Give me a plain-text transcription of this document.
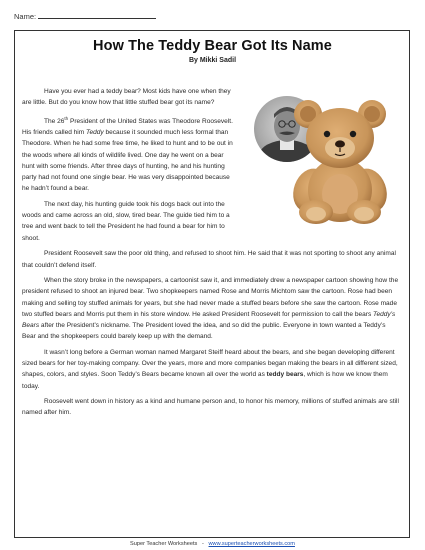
Name:
How The Teddy Bear Got Its Name
By Mikki Sadil

Have you ever had a teddy bear? Most kids have one when they are little. But do you know how that little stuffed bear got its name?

The 26th President of the United States was Theodore Roosevelt. His friends called him Teddy because it sounded much less formal than Theodore. When he had some free time, he liked to hunt and to be out in the woods where all kinds of wildlife lived. One day he went on a bear hunt with some friends. After three days of hunting, he and his hunting party had not found one single bear. He was very disappointed because he hadn’t found a bear.

The next day, his hunting guide took his dogs back out into the woods and came across an old, slow, tired bear. The guide tied him to a tree and went back to tell the President he had found a bear for him to shoot.

President Roosevelt saw the poor old thing, and refused to shoot him. He said that it was not sporting to shoot any animal that couldn’t defend itself.

When the story broke in the newspapers, a cartoonist saw it, and immediately drew a newspaper cartoon showing how the president refused to shoot an injured bear. Two shopkeepers named Rose and Morris Michtom saw the cartoon. Rose had been making and selling toy stuffed animals for years, but she had never made a stuffed bears before she saw the cartoon. Rose made two stuffed bears and Morris put them in his store window. He asked President Roosevelt for permission to call the bears Teddy’s Bears after the President’s nickname. The President loved the idea, and so did the public. Everyone in town wanted a Teddy’s Bear and the shopkeepers could barely keep up with the demand.

It wasn’t long before a German woman named Margaret Steiff heard about the bears, and she began developing different sized bears for her toy-making company. Over the years, more and more companies began making the bears in all different sized, shapes, colors, and styles. Soon Teddy’s Bears became known all over the world as teddy bears, which is how we know them today.

Roosevelt went down in history as a kind and humane person and, to honor his memory, millions of stuffed animals are still named after him.

Super Teacher Worksheets - www.superteacherworksheets.com
